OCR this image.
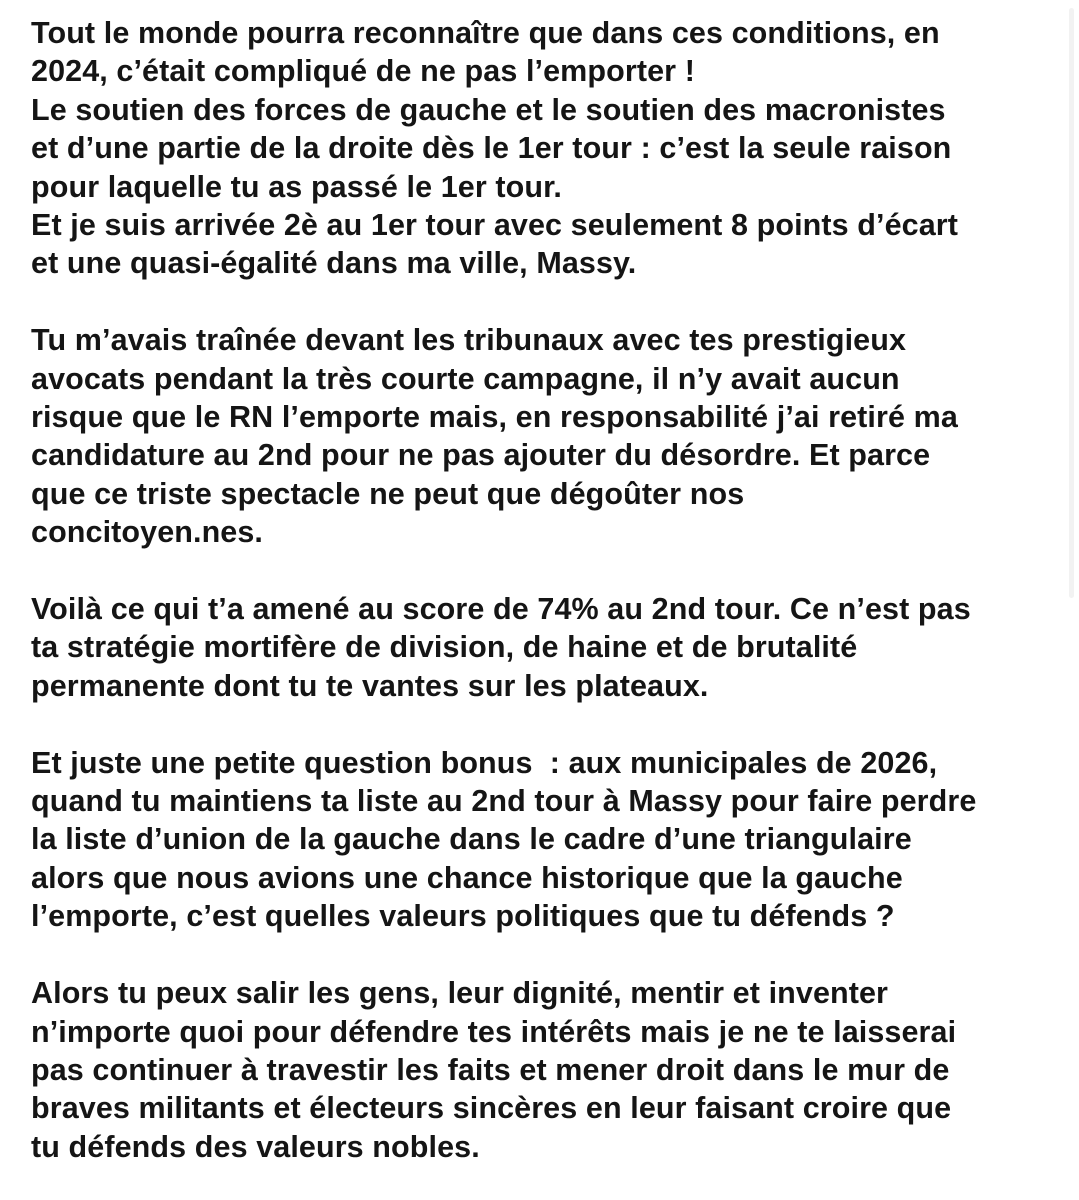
Tout le monde pourra reconnaître que dans ces conditions, en
2024, c’était compliqué de ne pas l’emporter !
Le soutien des forces de gauche et le soutien des macronistes
et d’une partie de la droite dès le 1er tour : c’est la seule raison
pour laquelle tu as passé le 1er tour.
Et je suis arrivée 2è au 1er tour avec seulement 8 points d’écart
et une quasi-égalité dans ma ville, Massy.
Tu m’avais traînée devant les tribunaux avec tes prestigieux
avocats pendant la très courte campagne, il n’y avait aucun
risque que le RN l’emporte mais, en responsabilité j’ai retiré ma
candidature au 2nd pour ne pas ajouter du désordre. Et parce
que ce triste spectacle ne peut que dégoûter nos
concitoyen.nes.
Voilà ce qui t’a amené au score de 74% au 2nd tour. Ce n’est pas
ta stratégie mortifère de division, de haine et de brutalité
permanente dont tu te vantes sur les plateaux.
Et juste une petite question bonus  : aux municipales de 2026,
quand tu maintiens ta liste au 2nd tour à Massy pour faire perdre
la liste d’union de la gauche dans le cadre d’une triangulaire
alors que nous avions une chance historique que la gauche
l’emporte, c’est quelles valeurs politiques que tu défends ?
Alors tu peux salir les gens, leur dignité, mentir et inventer
n’importe quoi pour défendre tes intérêts mais je ne te laisserai
pas continuer à travestir les faits et mener droit dans le mur de
braves militants et électeurs sincères en leur faisant croire que
tu défends des valeurs nobles.
